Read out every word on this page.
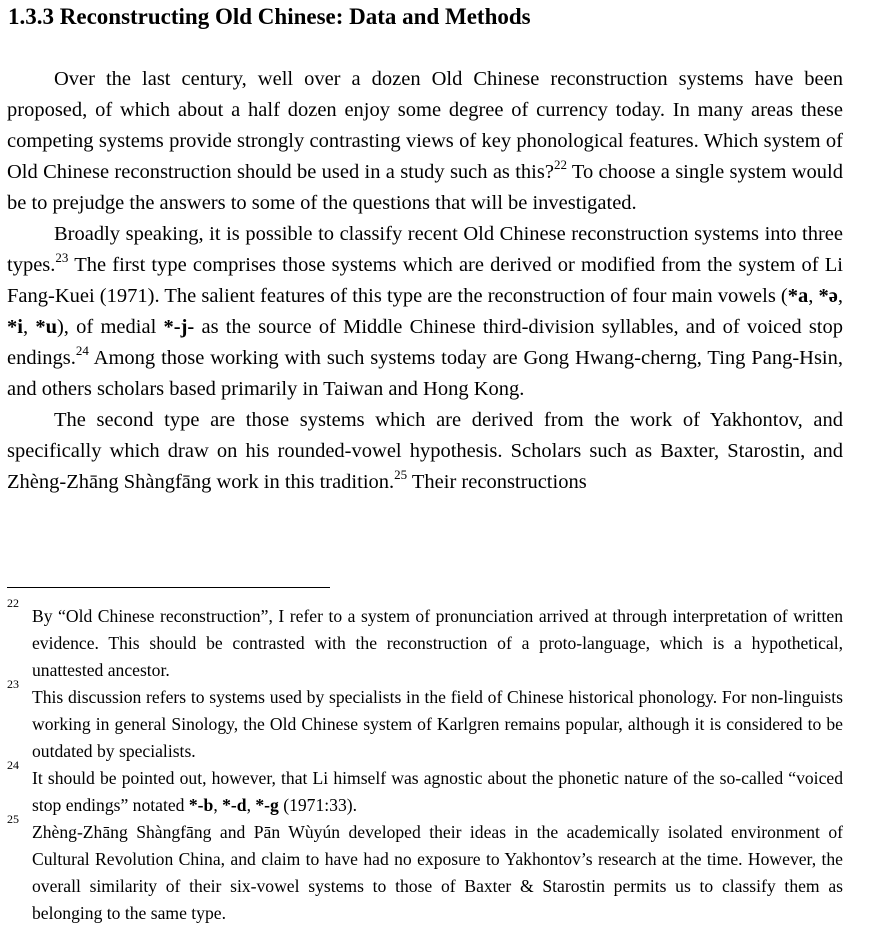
1.3.3 Reconstructing Old Chinese: Data and Methods

Over the last century, well over a dozen Old Chinese reconstruction systems have been proposed, of which about a half dozen enjoy some degree of currency today. In many areas these competing systems provide strongly contrasting views of key phonological features. Which system of Old Chinese reconstruction should be used in a study such as this?$^{22}$ To choose a single system would be to prejudge the answers to some of the questions that will be investigated.

Broadly speaking, it is possible to classify recent Old Chinese reconstruction systems into three types.$^{23}$ The first type comprises those systems which are derived or modified from the system of Li Fang-Kuei (1971). The salient features of this type are the reconstruction of four main vowels (*a, *ə, *i, *u), of medial *-j- as the source of Middle Chinese third-division syllables, and of voiced stop endings.$^{24}$ Among those working with such systems today are Gong Hwang-cherng, Ting Pang-Hsin, and others scholars based primarily in Taiwan and Hong Kong.

The second type are those systems which are derived from the work of Yakhontov, and specifically which draw on his rounded-vowel hypothesis. Scholars such as Baxter, Starostin, and Zhèng-Zhāng Shàngfāng work in this tradition.$^{25}$ Their reconstructions

22
By “Old Chinese reconstruction”, I refer to a system of pronunciation arrived at through interpretation of written evidence. This should be contrasted with the reconstruction of a proto-language, which is a hypothetical, unattested ancestor.
23
This discussion refers to systems used by specialists in the field of Chinese historical phonology. For non-linguists working in general Sinology, the Old Chinese system of Karlgren remains popular, although it is considered to be outdated by specialists.
24
It should be pointed out, however, that Li himself was agnostic about the phonetic nature of the so-called “voiced stop endings” notated *-b, *-d, *-g (1971:33).
25
Zhèng-Zhāng Shàngfāng and Pān Wùyún developed their ideas in the academically isolated environment of Cultural Revolution China, and claim to have had no exposure to Yakhontov’s research at the time. However, the overall similarity of their six-vowel systems to those of Baxter & Starostin permits us to classify them as belonging to the same type.
